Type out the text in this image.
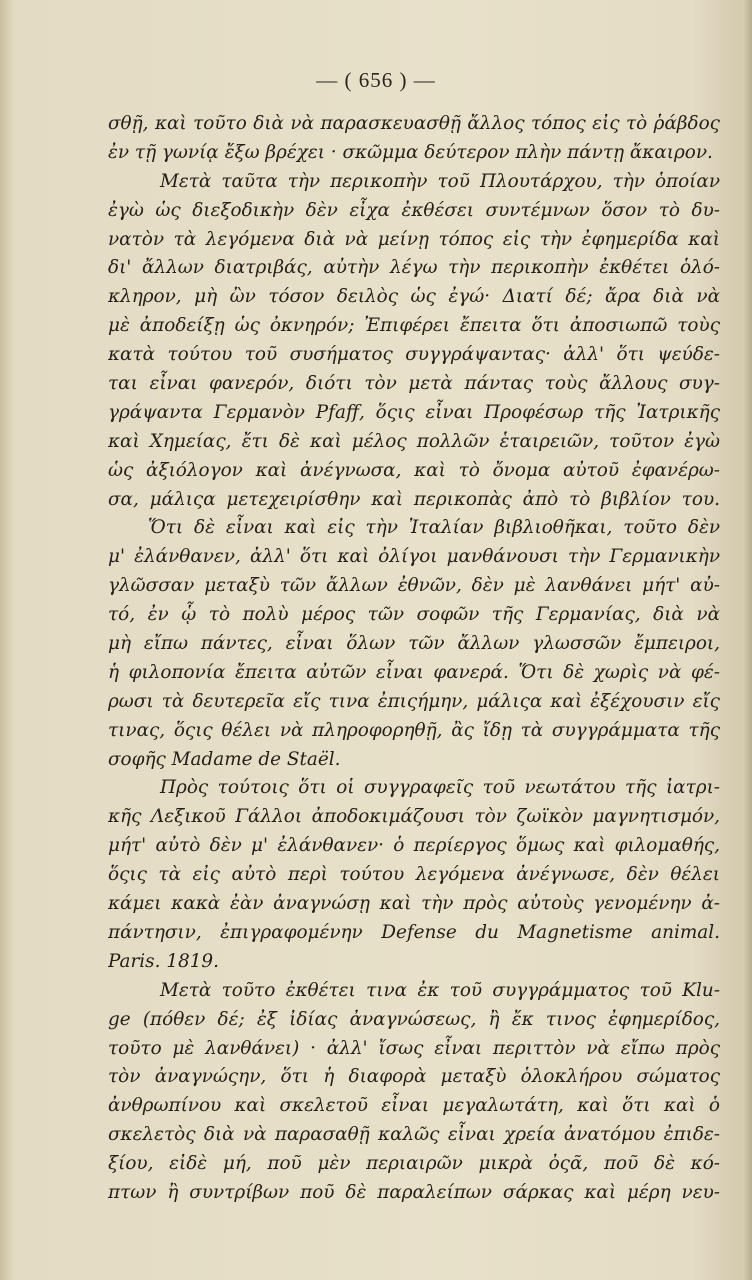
— ( 656 ) —
σθῇ, καὶ τοῦτο διὰ νὰ παρασκευασθῇ ἄλλος τόπος εἰς τὸ ῥάβδος
ἐν τῇ γωνίᾳ ἔξω βρέχει · σκῶμμα δεύτερον πλὴν πάντῃ ἄκαιρον.
Μετὰ ταῦτα τὴν περικοπὴν τοῦ Πλουτάρχου, τὴν ὁποίαν
ἐγὼ ὡς διεξοδικὴν δὲν εἶχα ἐκθέσει συντέμνων ὅσον τὸ δυ-
νατὸν τὰ λεγόμενα διὰ νὰ μείνῃ τόπος εἰς τὴν ἐφημερίδα καὶ
δι' ἄλλων διατριβάς, αὐτὴν λέγω τὴν περικοπὴν ἐκθέτει ὁλό-
κληρον, μὴ ὢν τόσον δειλὸς ὡς ἐγώ· Διατί δέ; ἄρα διὰ νὰ
μὲ ἀποδείξῃ ὡς ὀκνηρόν; Ἐπιφέρει ἔπειτα ὅτι ἀποσιωπῶ τοὺς
κατὰ τούτου τοῦ συσήματος συγγράψαντας· ἀλλ' ὅτι ψεύδε-
ται εἶναι φανερόν, διότι τὸν μετὰ πάντας τοὺς ἄλλους συγ-
γράψαντα Γερμανὸν Pfaff, ὅςις εἶναι Προφέσωρ τῆς Ἰατρικῆς
καὶ Χημείας, ἔτι δὲ καὶ μέλος πολλῶν ἑταιρειῶν, τοῦτον ἐγὼ
ὡς ἀξιόλογον καὶ ἀνέγνωσα, καὶ τὸ ὄνομα αὐτοῦ ἐφανέρω-
σα, μάλιςα μετεχειρίσθην καὶ περικοπὰς ἀπὸ τὸ βιβλίον του.
Ὅτι δὲ εἶναι καὶ εἰς τὴν Ἰταλίαν βιβλιοθῆκαι, τοῦτο δὲν
μ' ἐλάνθανεν, ἀλλ' ὅτι καὶ ὀλίγοι μανθάνουσι τὴν Γερμανικὴν
γλῶσσαν μεταξὺ τῶν ἄλλων ἐθνῶν, δὲν μὲ λανθάνει μήτ' αὐ-
τό, ἐν ᾧ τὸ πολὺ μέρος τῶν σοφῶν τῆς Γερμανίας, διὰ νὰ
μὴ εἴπω πάντες, εἶναι ὅλων τῶν ἄλλων γλωσσῶν ἔμπειροι,
ἡ φιλοπονία ἔπειτα αὐτῶν εἶναι φανερά. Ὅτι δὲ χωρὶς νὰ φέ-
ρωσι τὰ δευτερεῖα εἴς τινα ἐπιςήμην, μάλιςα καὶ ἐξέχουσιν εἴς
τινας, ὅςις θέλει νὰ πληροφορηθῇ, ἂς ἴδῃ τὰ συγγράμματα τῆς
σοφῆς Madame de Staël.
Πρὸς τούτοις ὅτι οἱ συγγραφεῖς τοῦ νεωτάτου τῆς ἰατρι-
κῆς Λεξικοῦ Γάλλοι ἀποδοκιμάζουσι τὸν ζωϊκὸν μαγνητισμόν,
μήτ' αὐτὸ δὲν μ' ἐλάνθανεν· ὁ περίεργος ὅμως καὶ φιλομαθής,
ὅςις τὰ εἰς αὐτὸ περὶ τούτου λεγόμενα ἀνέγνωσε, δὲν θέλει
κάμει κακὰ ἐὰν ἀναγνώσῃ καὶ τὴν πρὸς αὐτοὺς γενομένην ἀ-
πάντησιν, ἐπιγραφομένην Defense du Magnetisme animal.
Paris. 1819.
Μετὰ τοῦτο ἐκθέτει τινα ἐκ τοῦ συγγράμματος τοῦ Klu-
ge (πόθεν δέ; ἐξ ἰδίας ἀναγνώσεως, ἢ ἔκ τινος ἐφημερίδος,
τοῦτο μὲ λανθάνει) · ἀλλ' ἴσως εἶναι περιττὸν νὰ εἴπω πρὸς
τὸν ἀναγνώςην, ὅτι ἡ διαφορὰ μεταξὺ ὁλοκλήρου σώματος
ἀνθρωπίνου καὶ σκελετοῦ εἶναι μεγαλωτάτη, καὶ ὅτι καὶ ὁ
σκελετὸς διὰ νὰ παρασαθῇ καλῶς εἶναι χρεία ἀνατόμου ἐπιδε-
ξίου, εἰδὲ μή, ποῦ μὲν περιαιρῶν μικρὰ ὀςᾶ, ποῦ δὲ κό-
πτων ἢ συντρίβων ποῦ δὲ παραλείπων σάρκας καὶ μέρη νευ-
